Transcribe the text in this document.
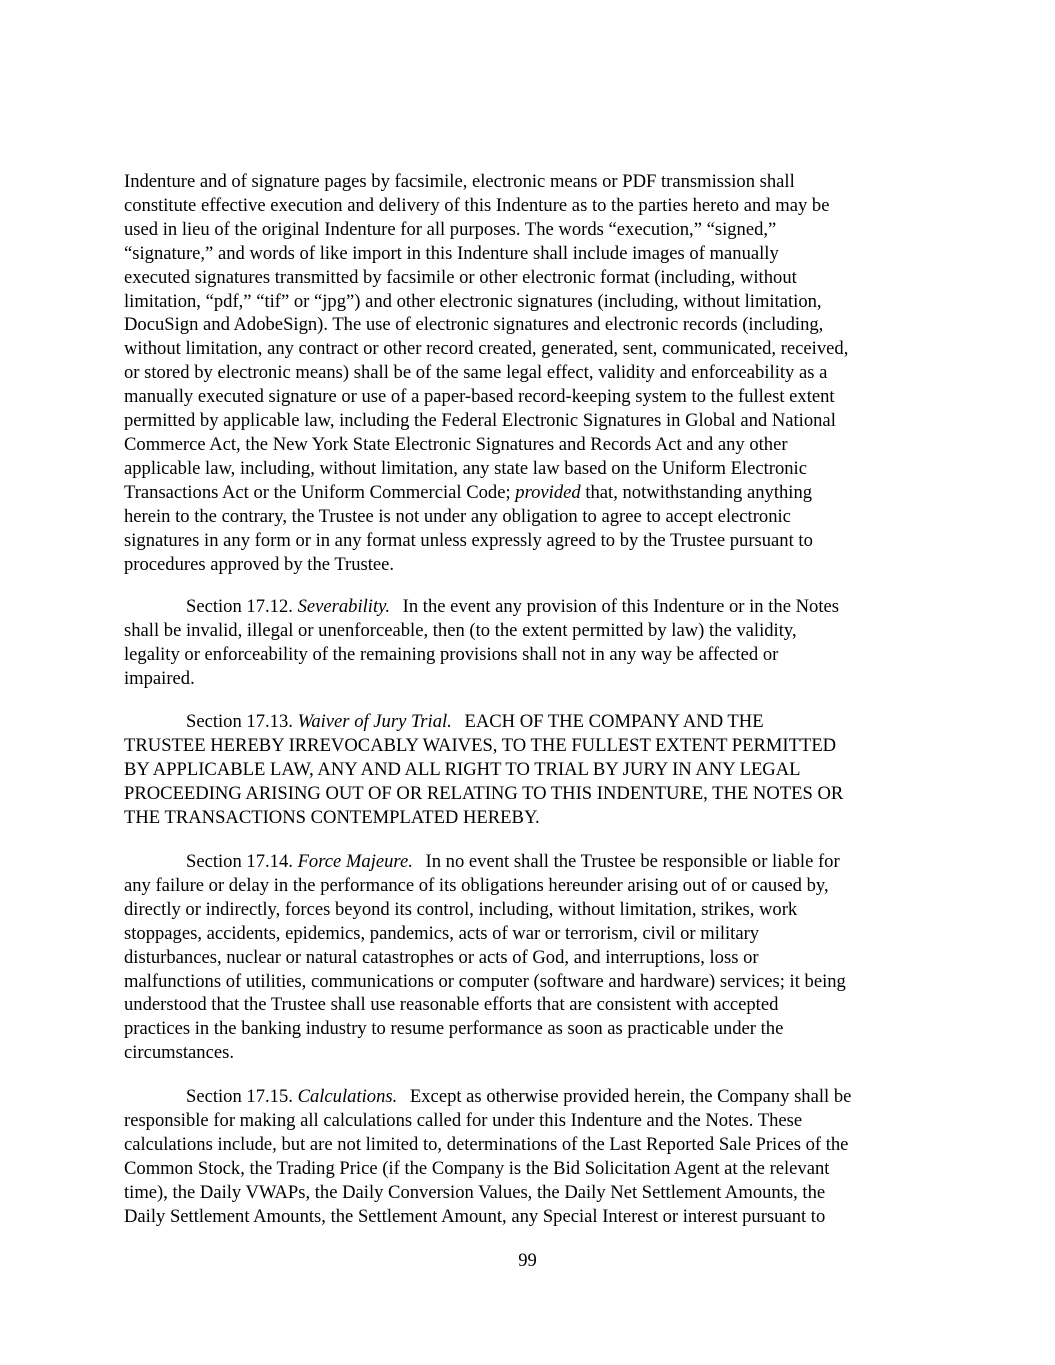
Indenture and of signature pages by facsimile, electronic means or PDF transmission shall
constitute effective execution and delivery of this Indenture as to the parties hereto and may be
used in lieu of the original Indenture for all purposes. The words “execution,” “signed,”
“signature,” and words of like import in this Indenture shall include images of manually
executed signatures transmitted by facsimile or other electronic format (including, without
limitation, “pdf,” “tif” or “jpg”) and other electronic signatures (including, without limitation,
DocuSign and AdobeSign). The use of electronic signatures and electronic records (including,
without limitation, any contract or other record created, generated, sent, communicated, received,
or stored by electronic means) shall be of the same legal effect, validity and enforceability as a
manually executed signature or use of a paper-based record-keeping system to the fullest extent
permitted by applicable law, including the Federal Electronic Signatures in Global and National
Commerce Act, the New York State Electronic Signatures and Records Act and any other
applicable law, including, without limitation, any state law based on the Uniform Electronic
Transactions Act or the Uniform Commercial Code; provided that, notwithstanding anything
herein to the contrary, the Trustee is not under any obligation to agree to accept electronic
signatures in any form or in any format unless expressly agreed to by the Trustee pursuant to
procedures approved by the Trustee.

Section 17.12. Severability. In the event any provision of this Indenture or in the Notes
shall be invalid, illegal or unenforceable, then (to the extent permitted by law) the validity,
legality or enforceability of the remaining provisions shall not in any way be affected or
impaired.

Section 17.13. Waiver of Jury Trial. EACH OF THE COMPANY AND THE
TRUSTEE HEREBY IRREVOCABLY WAIVES, TO THE FULLEST EXTENT PERMITTED
BY APPLICABLE LAW, ANY AND ALL RIGHT TO TRIAL BY JURY IN ANY LEGAL
PROCEEDING ARISING OUT OF OR RELATING TO THIS INDENTURE, THE NOTES OR
THE TRANSACTIONS CONTEMPLATED HEREBY.

Section 17.14. Force Majeure. In no event shall the Trustee be responsible or liable for
any failure or delay in the performance of its obligations hereunder arising out of or caused by,
directly or indirectly, forces beyond its control, including, without limitation, strikes, work
stoppages, accidents, epidemics, pandemics, acts of war or terrorism, civil or military
disturbances, nuclear or natural catastrophes or acts of God, and interruptions, loss or
malfunctions of utilities, communications or computer (software and hardware) services; it being
understood that the Trustee shall use reasonable efforts that are consistent with accepted
practices in the banking industry to resume performance as soon as practicable under the
circumstances.

Section 17.15. Calculations. Except as otherwise provided herein, the Company shall be
responsible for making all calculations called for under this Indenture and the Notes. These
calculations include, but are not limited to, determinations of the Last Reported Sale Prices of the
Common Stock, the Trading Price (if the Company is the Bid Solicitation Agent at the relevant
time), the Daily VWAPs, the Daily Conversion Values, the Daily Net Settlement Amounts, the
Daily Settlement Amounts, the Settlement Amount, any Special Interest or interest pursuant to

99
